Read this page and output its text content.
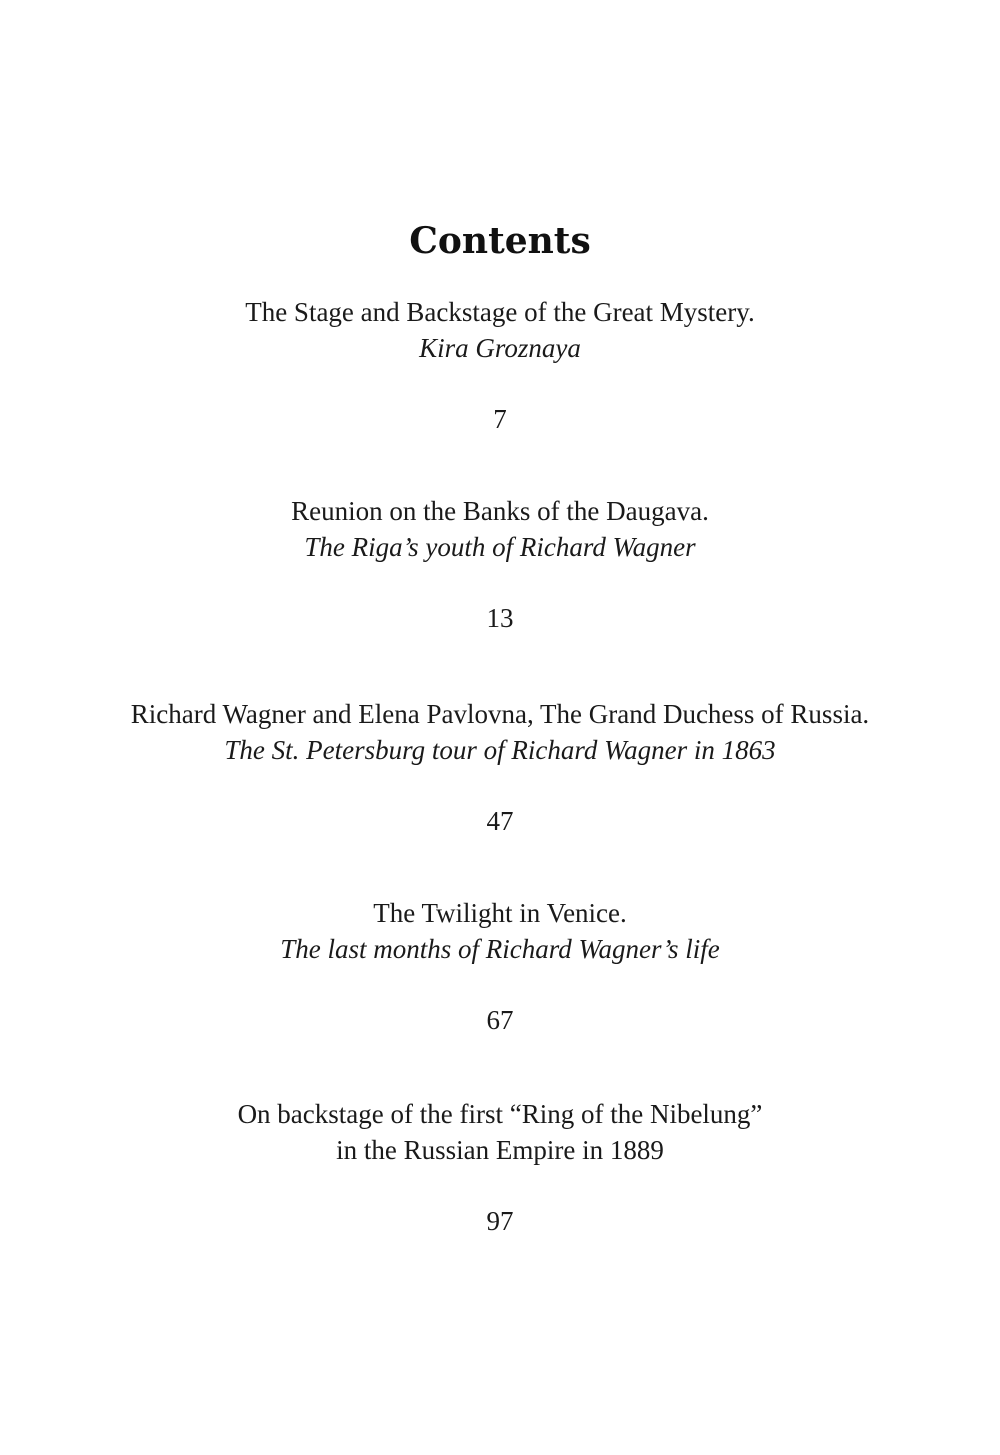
Contents
The Stage and Backstage of the Great Mystery.
Kira Groznaya
7
Reunion on the Banks of the Daugava.
The Riga’s youth of Richard Wagner
13
Richard Wagner and Elena Pavlovna, The Grand Duchess of Russia.
The St. Petersburg tour of Richard Wagner in 1863
47
The Twilight in Venice.
The last months of Richard Wagner’s life
67
On backstage of the first “Ring of the Nibelung”
in the Russian Empire in 1889
97
